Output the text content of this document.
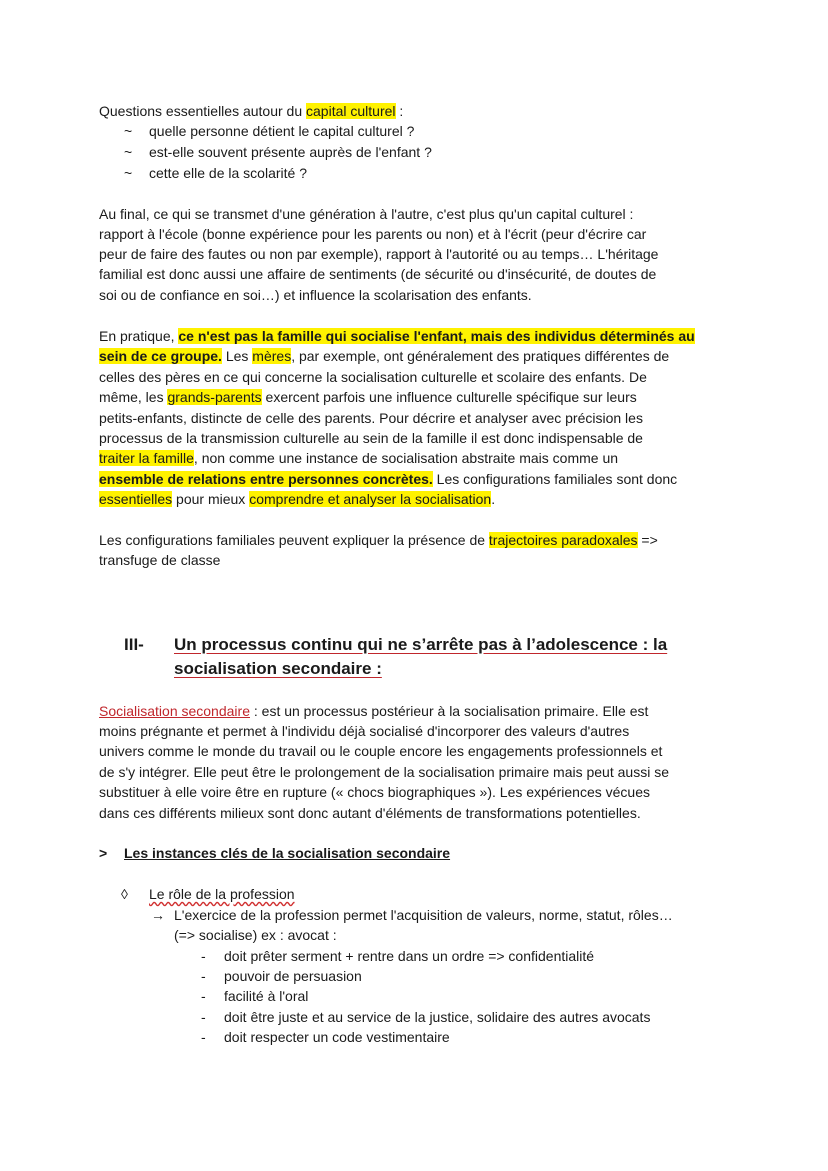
Questions essentielles autour du capital culturel :
~ quelle personne détient le capital culturel ?
~ est-elle souvent présente auprès de l'enfant ?
~ cette elle de la scolarité ?
Au final, ce qui se transmet d'une génération à l'autre, c'est plus qu'un capital culturel :
rapport à l'école (bonne expérience pour les parents ou non) et à l'écrit (peur d'écrire car
peur de faire des fautes ou non par exemple), rapport à l'autorité ou au temps… L'héritage
familial est donc aussi une affaire de sentiments (de sécurité ou d'insécurité, de doutes de
soi ou de confiance en soi…) et influence la scolarisation des enfants.
En pratique, ce n'est pas la famille qui socialise l'enfant, mais des individus déterminés au
sein de ce groupe. Les mères, par exemple, ont généralement des pratiques différentes de
celles des pères en ce qui concerne la socialisation culturelle et scolaire des enfants. De
même, les grands-parents exercent parfois une influence culturelle spécifique sur leurs
petits-enfants, distincte de celle des parents. Pour décrire et analyser avec précision les
processus de la transmission culturelle au sein de la famille il est donc indispensable de
traiter la famille, non comme une instance de socialisation abstraite mais comme un
ensemble de relations entre personnes concrètes. Les configurations familiales sont donc
essentielles pour mieux comprendre et analyser la socialisation.
Les configurations familiales peuvent expliquer la présence de trajectoires paradoxales =>
transfuge de classe
III- Un processus continu qui ne s’arrête pas à l’adolescence : la
socialisation secondaire :
Socialisation secondaire : est un processus postérieur à la socialisation primaire. Elle est
moins prégnante et permet à l'individu déjà socialisé d'incorporer des valeurs d'autres
univers comme le monde du travail ou le couple encore les engagements professionnels et
de s'y intégrer. Elle peut être le prolongement de la socialisation primaire mais peut aussi se
substituer à elle voire être en rupture (« chocs biographiques »). Les expériences vécues
dans ces différents milieux sont donc autant d'éléments de transformations potentielles.
> Les instances clés de la socialisation secondaire
◊ Le rôle de la profession
→ L'exercice de la profession permet l'acquisition de valeurs, norme, statut, rôles…
(=> socialise) ex : avocat :
- doit prêter serment + rentre dans un ordre => confidentialité
- pouvoir de persuasion
- facilité à l'oral
- doit être juste et au service de la justice, solidaire des autres avocats
- doit respecter un code vestimentaire
